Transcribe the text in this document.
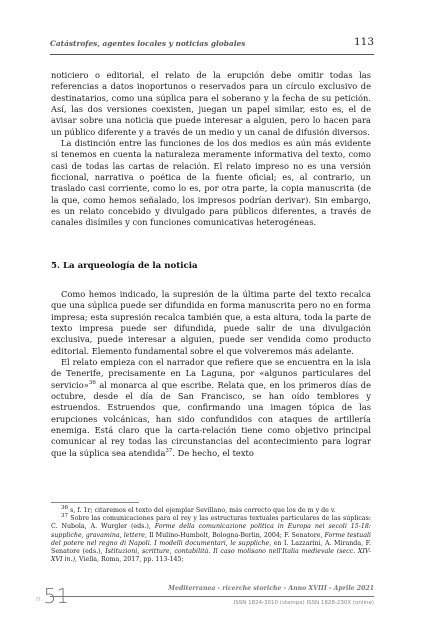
Catástrofes, agentes locales y noticias globales	113

noticiero o editorial, el relato de la erupción debe omitir todas las referencias a datos inoportunos o reservados para un círculo exclusivo de destinatarios, como una súplica para el soberano y la fecha de su petición. Así, las dos versiones coexisten, juegan un papel similar, esto es, el de avisar sobre una noticia que puede interesar a alguien, pero lo hacen para un público diferente y a través de un medio y un canal de difusión diversos.

La distinción entre las funciones de los dos medios es aún más evidente si tenemos en cuenta la naturaleza meramente informativa del texto, como casi de todas las cartas de relación. El relato impreso no es una versión ficcional, narrativa o poética de la fuente oficial; es, al contrario, un traslado casi corriente, como lo es, por otra parte, la copia manuscrita (de la que, como hemos señalado, los impresos podrían derivar). Sin embargo, es un relato concebido y divulgado para públicos diferentes, a través de canales disímiles y con funciones comunicativas heterogéneas.

5. La arqueología de la noticia

Como hemos indicado, la supresión de la última parte del texto recalca que una súplica puede ser difundida en forma manuscrita pero no en forma impresa; esta supresión recalca también que, a esta altura, toda la parte de texto impresa puede ser difundida, puede salir de una divulgación exclusiva, puede interesar a alguien, puede ser vendida como producto editorial. Elemento fundamental sobre el que volveremos más adelante.

El relato empieza con el narrador que refiere que se encuentra en la isla de Tenerife, precisamente en La Laguna, por «algunos particulares del servicio»$^{36}$ al monarca al que escribe. Relata que, en los primeros días de octubre, desde el día de San Francisco, se han oído temblores y estruendos. Estruendos que, confirmando una imagen tópica de las erupciones volcánicas, han sido confundidos con ataques de artillería enemiga. Está claro que la carta-relación tiene como objetivo principal comunicar al rey todas las circunstancias del acontecimiento para lograr que la súplica sea atendida$^{37}$. De hecho, el texto

$^{36}$ s, f. 1r; citaremos el texto del ejemplar Sevillano, más correcto que los de m y de v.

$^{37}$ Sobre las comunicaciones para el rey y las estructuras textuales particulares de las súplicas: C. Nubola, A. Wurgler (eds.), Forme della comunicazione politica in Europa nei secoli 15-18: suppliche, gravamina, lettere, Il Mulino-Humbolt, Bologna-Berlin, 2004; F. Senatore, Forme testuali del potere nel regno di Napoli. I modelli documentari, le suppliche, en I. Lazzarini, A. Miranda, F. Senatore (eds.), Istituzioni, scritture, contabilità. Il caso molisano nell'Italia medievale (secc. XIV-XVI in.), Viella, Roma, 2017, pp. 113-145;

n.51	Mediterranea - ricerche storiche - Anno XVIII - Aprile 2021
ISSN 1824-3010 (stampa) ISSN 1828-230X (online)
